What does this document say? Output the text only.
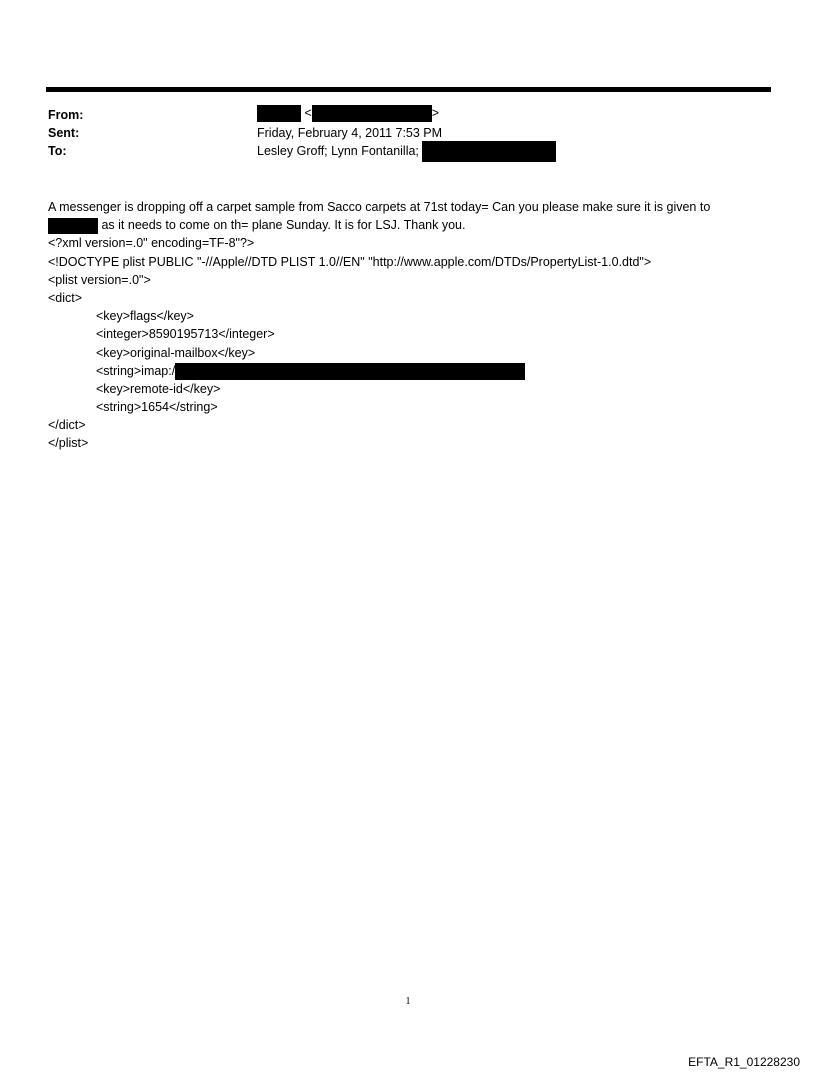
From:	<	>
Sent:	Friday, February 4, 2011 7:53 PM
To:	Lesley Groff; Lynn Fontanilla;
A messenger is dropping off a carpet sample from Sacco carpets at 71st today= Can you please make sure it is given to
as it needs to come on th= plane Sunday. It is for LSJ. Thank you.
<?xml version=.0" encoding=TF-8"?>
<!DOCTYPE plist PUBLIC "-//Apple//DTD PLIST 1.0//EN" "http://www.apple.com/DTDs/PropertyList-1.0.dtd">
<plist version=.0">
<dict>
<key>flags</key>
<integer>8590195713</integer>
<key>original-mailbox</key>
<string>imap:/
<key>remote-id</key>
<string>1654</string>
</dict>
</plist>
1
EFTA_R1_01228230
